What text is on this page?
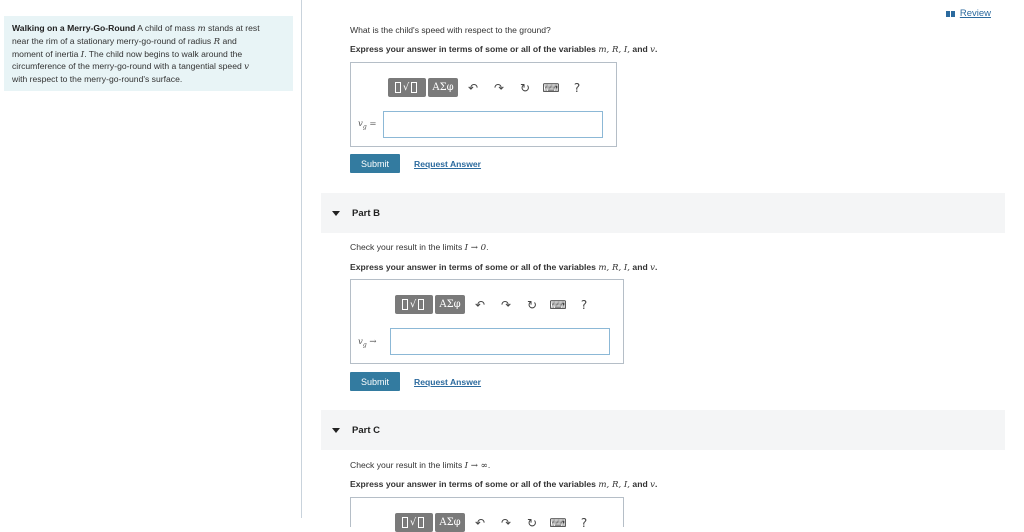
Walking on a Merry-Go-Round A child of mass m stands at rest
near the rim of a stationary merry-go-round of radius R and
moment of inertia I. The child now begins to walk around the
circumference of the merry-go-round with a tangential speed v
with respect to the merry-go-round's surface.
Review
What is the child's speed with respect to the ground?
Express your answer in terms of some or all of the variables m, R, I, and v.
√	ΑΣφ	↶	↷	↻	⌨	?
$v_g$ =
Submit	Request Answer
Part B
Check your result in the limits I → 0.
Express your answer in terms of some or all of the variables m, R, I, and v.
√	ΑΣφ	↶	↷	↻	⌨	?
$v_g$ →
Submit	Request Answer
Part C
Check your result in the limits I → ∞.
Express your answer in terms of some or all of the variables m, R, I, and v.
√	ΑΣφ	↶	↷	↻	⌨	?
